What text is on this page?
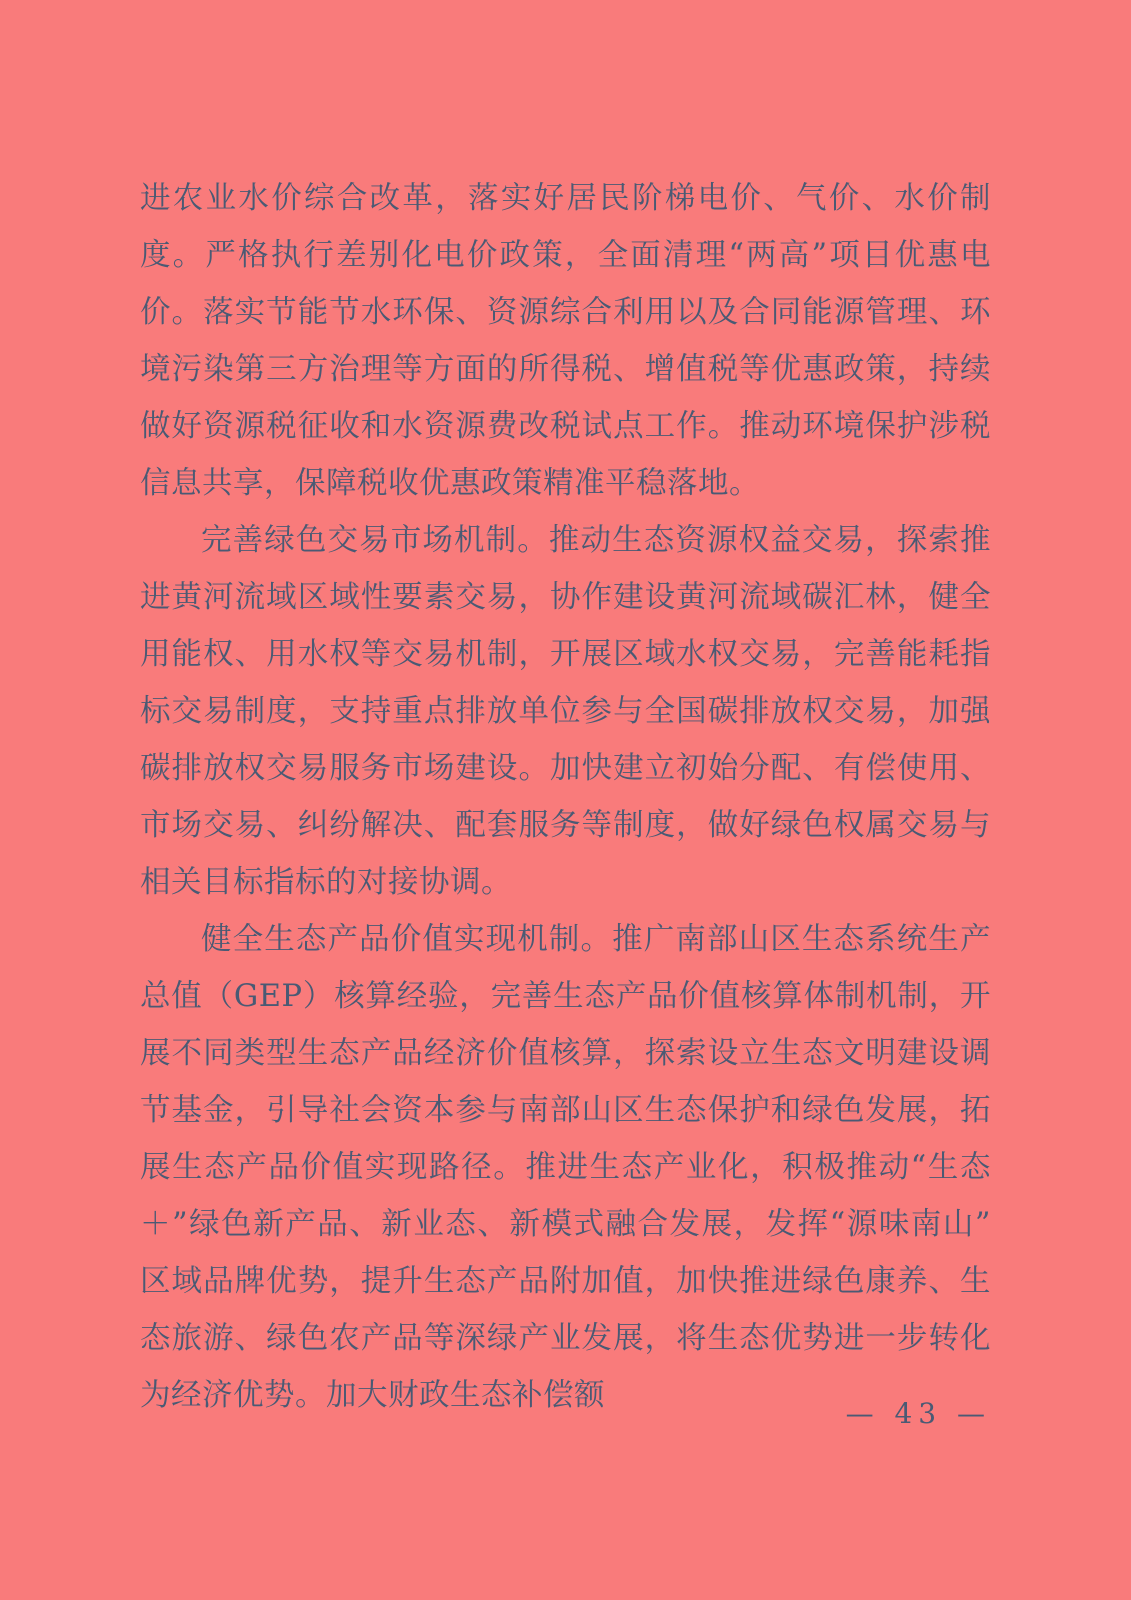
进农业水价综合改革，落实好居民阶梯电价、气价、水价制度。严格执行差别化电价政策，全面清理“两高”项目优惠电价。落实节能节水环保、资源综合利用以及合同能源管理、环境污染第三方治理等方面的所得税、增值税等优惠政策，持续做好资源税征收和水资源费改税试点工作。推动环境保护涉税信息共享，保障税收优惠政策精准平稳落地。

完善绿色交易市场机制。推动生态资源权益交易，探索推进黄河流域区域性要素交易，协作建设黄河流域碳汇林，健全用能权、用水权等交易机制，开展区域水权交易，完善能耗指标交易制度，支持重点排放单位参与全国碳排放权交易，加强碳排放权交易服务市场建设。加快建立初始分配、有偿使用、市场交易、纠纷解决、配套服务等制度，做好绿色权属交易与相关目标指标的对接协调。

健全生态产品价值实现机制。推广南部山区生态系统生产总值（GEP）核算经验，完善生态产品价值核算体制机制，开展不同类型生态产品经济价值核算，探索设立生态文明建设调节基金，引导社会资本参与南部山区生态保护和绿色发展，拓展生态产品价值实现路径。推进生态产业化，积极推动“生态＋”绿色新产品、新业态、新模式融合发展，发挥“源味南山”区域品牌优势，提升生态产品附加值，加快推进绿色康养、生态旅游、绿色农产品等深绿产业发展，将生态优势进一步转化为经济优势。加大财政生态补偿额

— 43 —
